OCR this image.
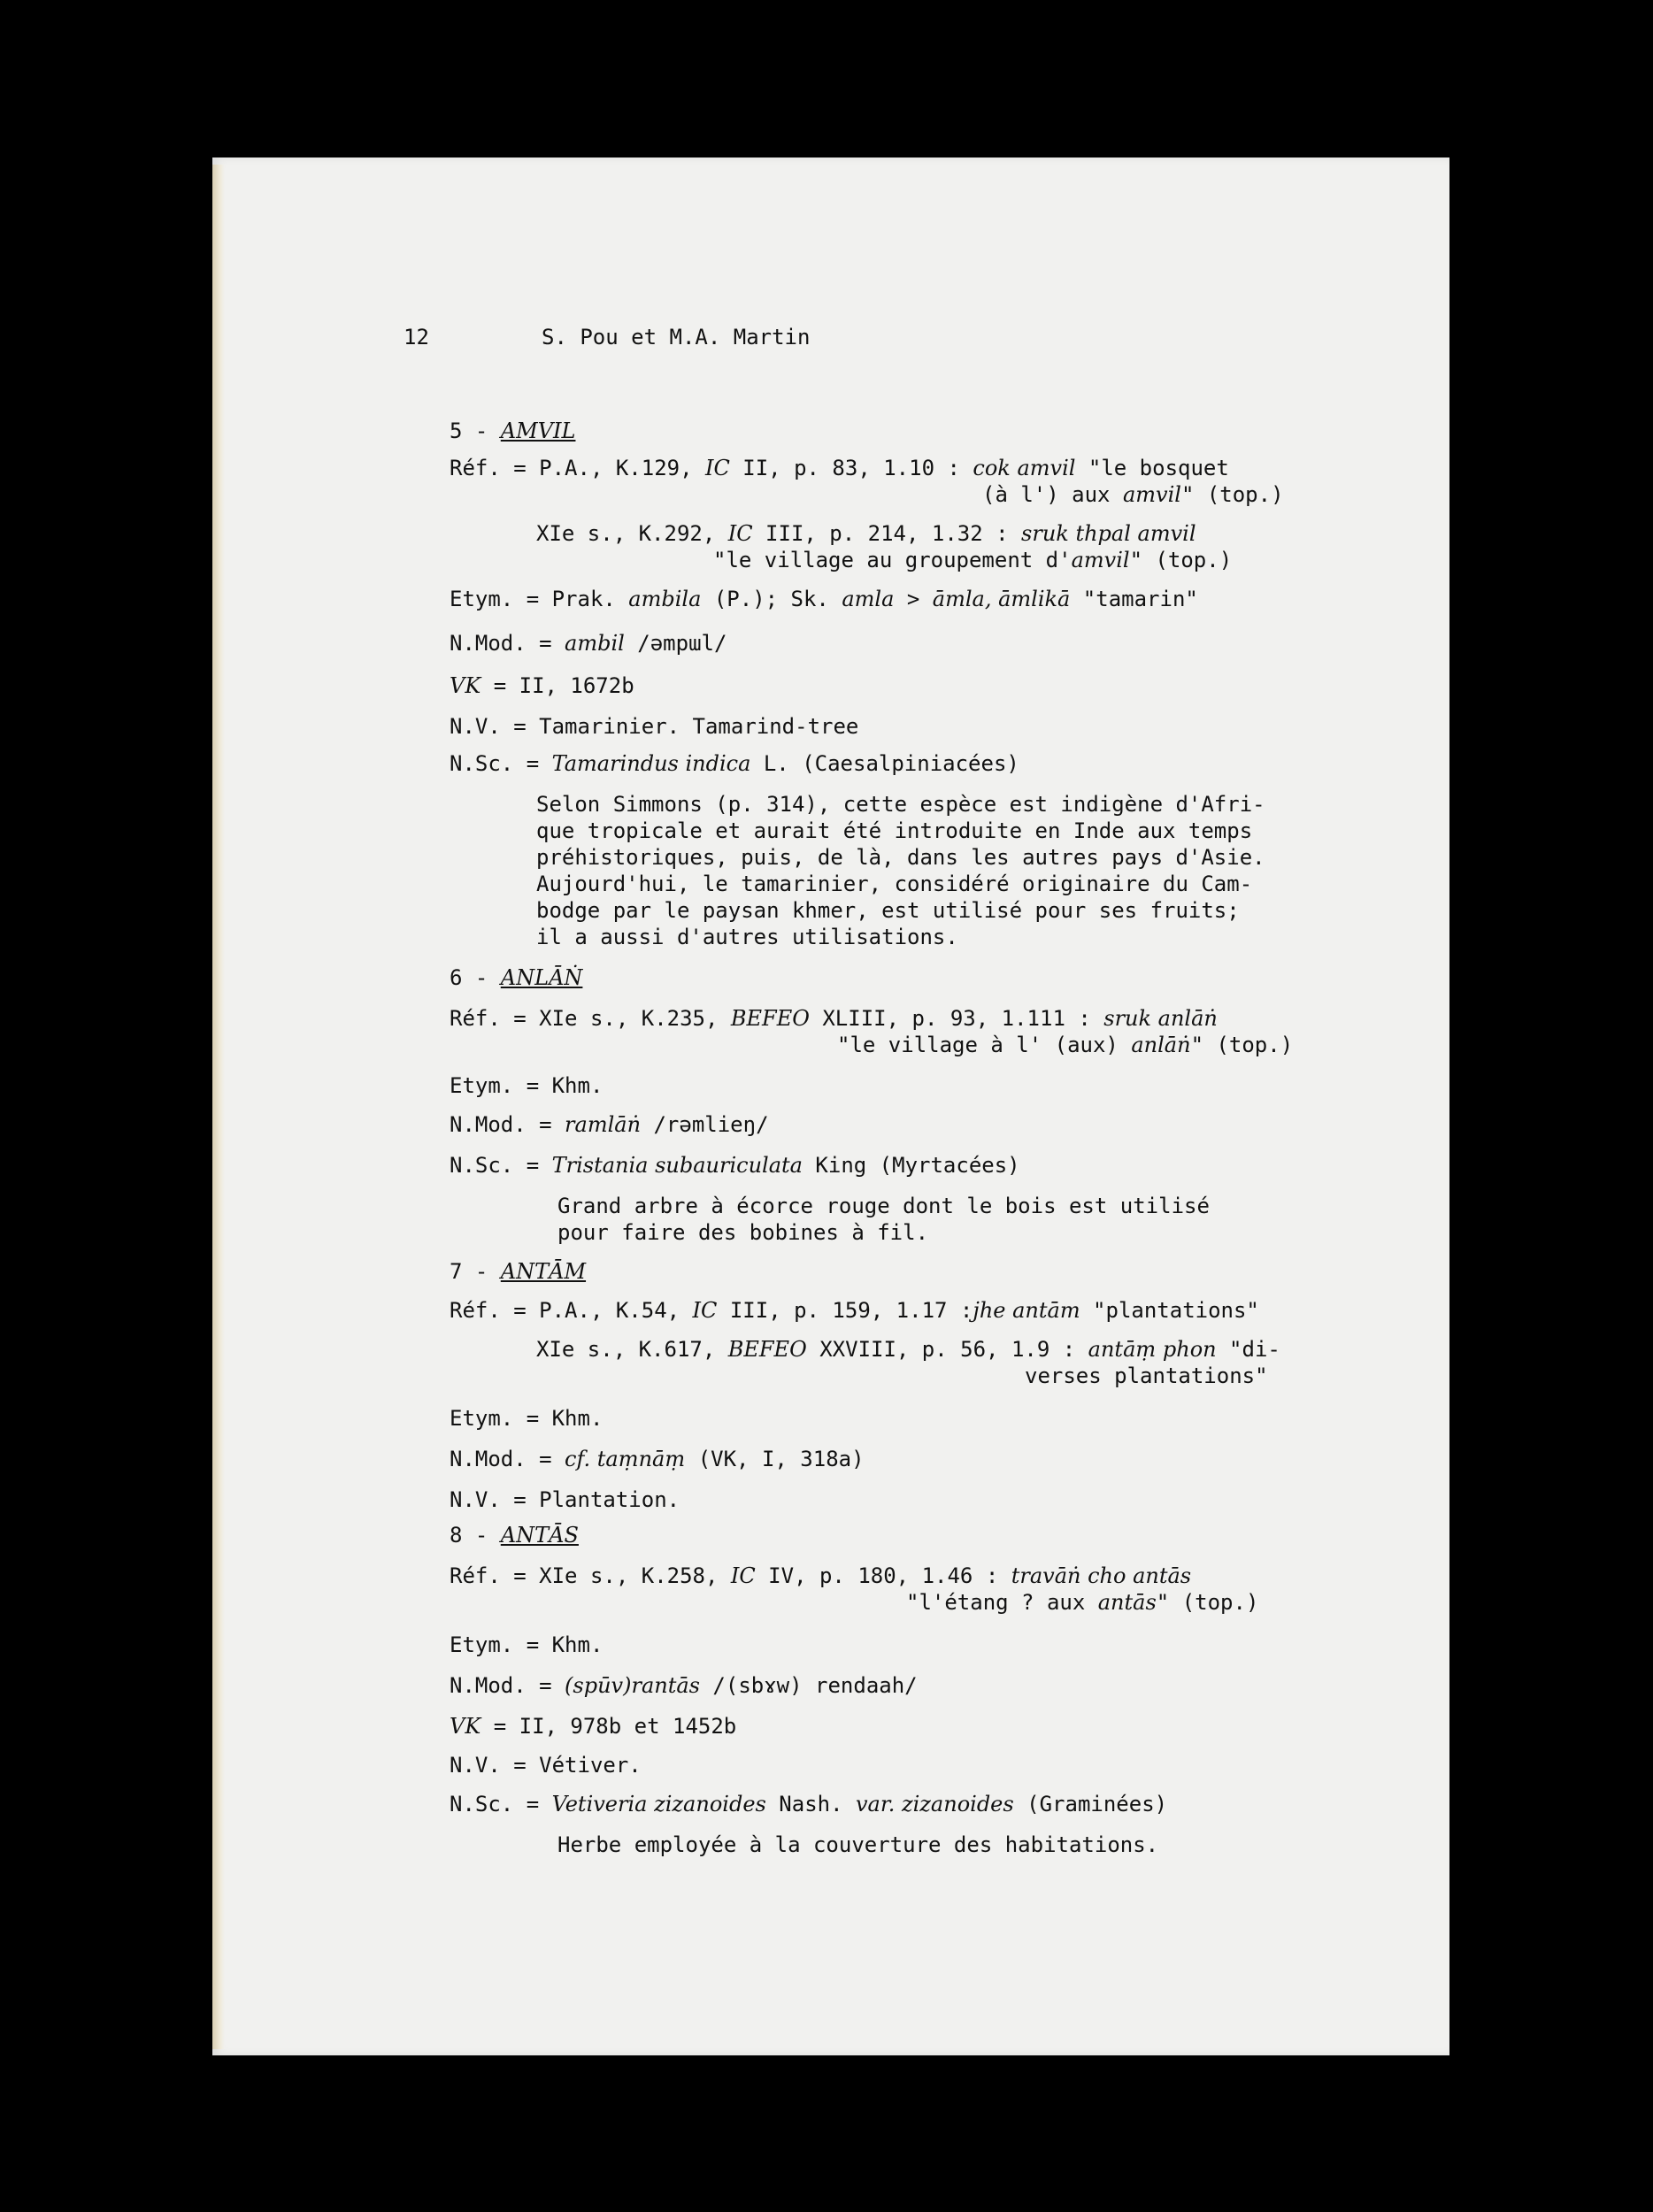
12	S. Pou et M.A. Martin
5 - AMVIL
Réf. = P.A., K.129, IC II, p. 83, 1.10 : cok amvil "le bosquet
(à l') aux amvil" (top.)
XIe s., K.292, IC III, p. 214, 1.32 : sruk thpal amvil
"le village au groupement d'amvil" (top.)
Etym. = Prak. ambila (P.); Sk. amla > āmla, āmlikā "tamarin"
N.Mod. = ambil /əmpɯl/
VK = II, 1672b
N.V. = Tamarinier. Tamarind-tree
N.Sc. = Tamarindus indica L. (Caesalpiniacées)
Selon Simmons (p. 314), cette espèce est indigène d'Afri-
que tropicale et aurait été introduite en Inde aux temps
préhistoriques, puis, de là, dans les autres pays d'Asie.
Aujourd'hui, le tamarinier, considéré originaire du Cam-
bodge par le paysan khmer, est utilisé pour ses fruits;
il a aussi d'autres utilisations.
6 - ANLĀṄ
Réf. = XIe s., K.235, BEFEO XLIII, p. 93, 1.111 : sruk anlāṅ
"le village à l' (aux) anlāṅ" (top.)
Etym. = Khm.
N.Mod. = ramlāṅ /rəmlieŋ/
N.Sc. = Tristania subauriculata King (Myrtacées)
Grand arbre à écorce rouge dont le bois est utilisé
pour faire des bobines à fil.
7 - ANTĀM
Réf. = P.A., K.54, IC III, p. 159, 1.17 :jhe antām "plantations"
XIe s., K.617, BEFEO XXVIII, p. 56, 1.9 : antāṃ phon "di-
verses plantations"
Etym. = Khm.
N.Mod. = cf. taṃnāṃ (VK, I, 318a)
N.V. = Plantation.
8 - ANTĀS
Réf. = XIe s., K.258, IC IV, p. 180, 1.46 : travāṅ cho antās
"l'étang ? aux antās" (top.)
Etym. = Khm.
N.Mod. = (spūv)rantās /(sbɤw) rendaah/
VK = II, 978b et 1452b
N.V. = Vétiver.
N.Sc. = Vetiveria zizanoides Nash. var. zizanoides (Graminées)
Herbe employée à la couverture des habitations.
